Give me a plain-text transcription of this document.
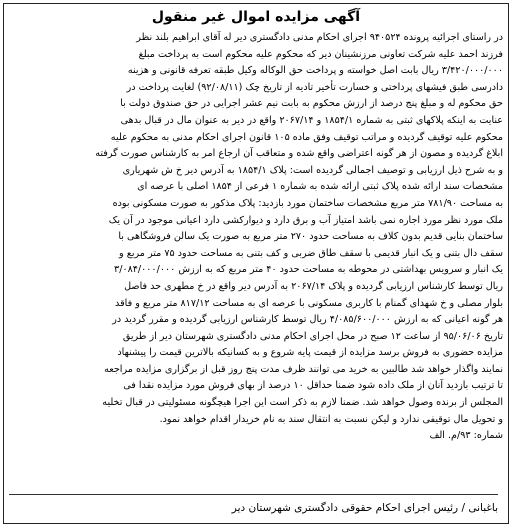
آگهی مزایده اموال غیر منقول
در راستای اجرائیه پرونده ۹۴۰۵۲۴ اجرای احکام مدنی دادگستری دیر له آقای ابراهیم بلند نظر
فرزند احمد علیه شرکت تعاونی مرزنشینان دیر که محکوم علیه محکوم است به پرداخت مبلغ
۳/۴۲۰/۰۰۰/۰۰۰ ریال بابت اصل خواسته و پرداخت حق الوکاله وکیل طبقه تعرفه قانونی و هزینه
دادرسی طبق فیشهای پرداختی و خسارت تأخیر تادیه از تاریخ چک (۹۲/۰۸/۱۱) لغایت پرداخت در
حق محکوم له و مبلغ پنج درصد از ارزش محکوم به بابت نیم عشر اجرایی در حق صندوق دولت با
عنایت به اینکه پلاکهای ثبتی به شماره ۱۸۵۴/۱ و ۲۰۶۷/۱۴ واقع در دیر به عنوان مال در قبال بدهی
محکوم علیه توقیف گردیده و مراتب توقیف وفق ماده ۱۰۵ قانون اجرای احکام مدنی به محکوم علیه
ابلاغ گردیده و مصون از هر گونه اعتراضی واقع شده و متعاقب آن ارجاع امر به کارشناس صورت گرفته
و به شرح ذیل ارزیابی و توصیف اجمالی گردیده است: پلاک ۱۸۵۴/۱ به آدرس دیر خ ش شهریاری
مشخصات سند ارائه شده پلاک ثبتی ارائه شده به شماره ۱ فرعی از ۱۸۵۴ اصلی با عرصه ای
به مساحت ۷۸۱/۹۰ متر مربع مشخصات ساختمان مورد بازدید: پلاک مذکور به صورت مسکونی بوده
ملک مورد نظر مورد اجاره نمی باشد امتیاز آب و برق دارد و دیوارکشی دارد اعیانی موجود در آن یک
ساختمان بنایی قدیم بدون کلاف به مساحت حدود ۲۷۰ متر مربع به صورت یک سالن فروشگاهی با
سقف دال بتنی و یک انبار قدیمی با سقف طاق ضربی و کف بتنی به مساحت حدود ۷۵ متر مربع و
یک انبار و سرویس بهداشتی در محوطه به مساحت حدود ۴۰ متر مربع که به ارزش ۳/۰۸۴/۰۰۰/۰۰۰
ریال توسط کارشناس ارزیابی گردیده و پلاک ۲۰۶۷/۱۴ به آدرس دیر واقع در خ مطهری حد فاصل
بلوار مصلی و خ شهدای گمنام با کاربری مسکونی با عرصه ای به مساحت ۸۱۷/۱۲ متر مربع و فاقد
هر گونه اعیانی که به ارزش ۴/۰۸۵/۶۰۰/۰۰۰ ریال توسط کارشناس ارزیابی گردیده و مقرر گردید در
تاریخ ۹۵/۰۶/۰۶ از ساعت ۱۲ صبح در محل اجرای احکام مدنی دادگستری شهرستان دیر از طریق
مزایده حضوری به فروش برسد مزایده از قیمت پایه شروع و به کسانیکه بالاترین قیمت را پیشنهاد
نمایند واگذار خواهد شد طالبین به خرید می توانند ظرف مدت پنج روز قبل از برگزاری مزایده مراجعه
تا ترتیب بازدید آنان از ملک داده شود ضمنا حداقل ۱۰ درصد از بهای فروش مورد مزایده نقدا فی
المجلس از برنده وصول خواهد شد. ضمنا لازم به ذکر است این اجرا هیچگونه مسئولیتی در قبال تخلیه
و تحویل مال توقیفی ندارد و لیکن نسبت به انتقال سند به نام خریدار اقدام خواهد نمود.
شماره: ۹۳/م. الف
باغبانی / رئیس اجرای احکام حقوقی دادگستری شهرستان دیر
